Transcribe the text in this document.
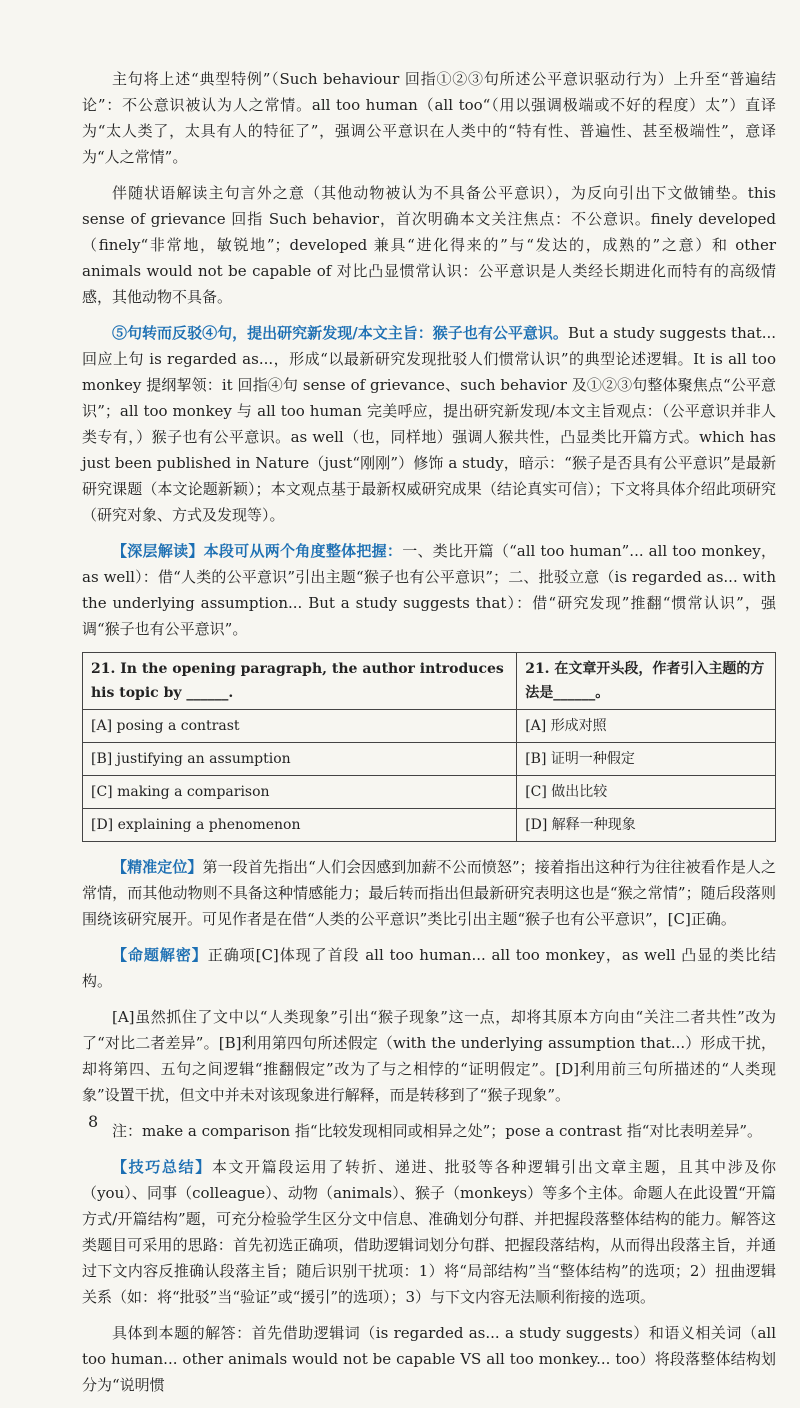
主句将上述“典型特例”（Such behaviour 回指①②③句所述公平意识驱动行为）上升至“普遍结论”：不公意识被认为人之常情。all too human（all too“（用以强调极端或不好的程度）太”）直译为“太人类了，太具有人的特征了”，强调公平意识在人类中的“特有性、普遍性、甚至极端性”，意译为“人之常情”。

伴随状语解读主句言外之意（其他动物被认为不具备公平意识），为反向引出下文做铺垫。this sense of grievance 回指 Such behavior，首次明确本文关注焦点：不公意识。finely developed（finely“非常地，敏锐地”；developed 兼具“进化得来的”与“发达的，成熟的”之意）和 other animals would not be capable of 对比凸显惯常认识：公平意识是人类经长期进化而特有的高级情感，其他动物不具备。

⑤句转而反驳④句，提出研究新发现/本文主旨：猴子也有公平意识。But a study suggests that... 回应上句 is regarded as...，形成“以最新研究发现批驳人们惯常认识”的典型论述逻辑。It is all too monkey 提纲挈领：it 回指④句 sense of grievance、such behavior 及①②③句整体聚焦点“公平意识”；all too monkey 与 all too human 完美呼应，提出研究新发现/本文主旨观点：（公平意识并非人类专有，）猴子也有公平意识。as well（也，同样地）强调人猴共性，凸显类比开篇方式。which has just been published in Nature（just“刚刚”）修饰 a study，暗示：“猴子是否具有公平意识”是最新研究课题（本文论题新颖）；本文观点基于最新权威研究成果（结论真实可信）；下文将具体介绍此项研究（研究对象、方式及发现等）。

【深层解读】本段可从两个角度整体把握：一、类比开篇（“all too human”... all too monkey，as well）：借“人类的公平意识”引出主题“猴子也有公平意识”；二、批驳立意（is regarded as... with the underlying assumption... But a study suggests that）：借“研究发现”推翻“惯常认识”，强调“猴子也有公平意识”。

21. In the opening paragraph, the author introduces his topic by ______.	21. 在文章开头段，作者引入主题的方法是______。
[A] posing a contrast	[A] 形成对照
[B] justifying an assumption	[B] 证明一种假定
[C] making a comparison	[C] 做出比较
[D] explaining a phenomenon	[D] 解释一种现象

【精准定位】第一段首先指出“人们会因感到加薪不公而愤怒”；接着指出这种行为往往被看作是人之常情，而其他动物则不具备这种情感能力；最后转而指出但最新研究表明这也是“猴之常情”；随后段落则围绕该研究展开。可见作者是在借“人类的公平意识”类比引出主题“猴子也有公平意识”，[C]正确。

【命题解密】正确项[C]体现了首段 all too human... all too monkey，as well 凸显的类比结构。

[A]虽然抓住了文中以“人类现象”引出“猴子现象”这一点，却将其原本方向由“关注二者共性”改为了“对比二者差异”。[B]利用第四句所述假定（with the underlying assumption that...）形成干扰，却将第四、五句之间逻辑“推翻假定”改为了与之相悖的“证明假定”。[D]利用前三句所描述的“人类现象”设置干扰，但文中并未对该现象进行解释，而是转移到了“猴子现象”。

注：make a comparison 指“比较发现相同或相异之处”；pose a contrast 指“对比表明差异”。

【技巧总结】本文开篇段运用了转折、递进、批驳等各种逻辑引出文章主题，且其中涉及你（you）、同事（colleague）、动物（animals）、猴子（monkeys）等多个主体。命题人在此设置“开篇方式/开篇结构”题，可充分检验学生区分文中信息、准确划分句群、并把握段落整体结构的能力。解答这类题目可采用的思路：首先初选正确项，借助逻辑词划分句群、把握段落结构，从而得出段落主旨，并通过下文内容反推确认段落主旨；随后识别干扰项：1）将“局部结构”当“整体结构”的选项；2）扭曲逻辑关系（如：将“批驳”当“验证”或“援引”的选项）；3）与下文内容无法顺利衔接的选项。

具体到本题的解答：首先借助逻辑词（is regarded as... a study suggests）和语义相关词（all too human... other animals would not be capable VS all too monkey... too）将段落整体结构划分为“说明惯

8
